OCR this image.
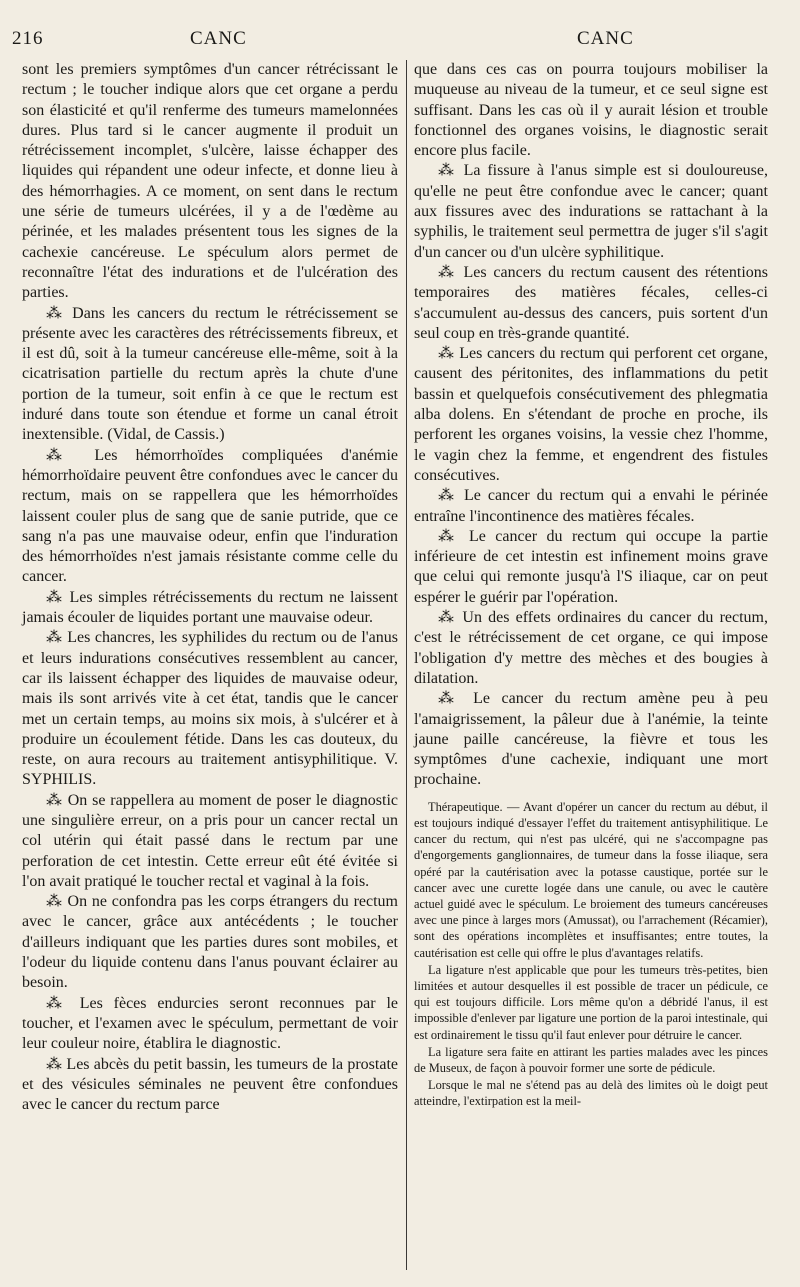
216	CANC	CANC

sont les premiers symptômes d'un cancer rétrécissant le rectum ; le toucher indique alors que cet organe a perdu son élasticité et qu'il renferme des tumeurs mamelonnées dures. Plus tard si le cancer augmente il produit un rétrécissement incomplet, s'ulcère, laisse échapper des liquides qui répandent une odeur infecte, et donne lieu à des hémorrhagies. A ce moment, on sent dans le rectum une série de tumeurs ulcérées, il y a de l'œdème au périnée, et les malades présentent tous les signes de la cachexie cancéreuse. Le spéculum alors permet de reconnaître l'état des indurations et de l'ulcération des parties.

⁂ Dans les cancers du rectum le rétrécissement se présente avec les caractères des rétrécissements fibreux, et il est dû, soit à la tumeur cancéreuse elle-même, soit à la cicatrisation partielle du rectum après la chute d'une portion de la tumeur, soit enfin à ce que le rectum est induré dans toute son étendue et forme un canal étroit inextensible. (Vidal, de Cassis.)

⁂ Les hémorrhoïdes compliquées d'anémie hémorrhoïdaire peuvent être confondues avec le cancer du rectum, mais on se rappellera que les hémorrhoïdes laissent couler plus de sang que de sanie putride, que ce sang n'a pas une mauvaise odeur, enfin que l'induration des hémorrhoïdes n'est jamais résistante comme celle du cancer.

⁂ Les simples rétrécissements du rectum ne laissent jamais écouler de liquides portant une mauvaise odeur.

⁂ Les chancres, les syphilides du rectum ou de l'anus et leurs indurations consécutives ressemblent au cancer, car ils laissent échapper des liquides de mauvaise odeur, mais ils sont arrivés vite à cet état, tandis que le cancer met un certain temps, au moins six mois, à s'ulcérer et à produire un écoulement fétide. Dans les cas douteux, du reste, on aura recours au traitement antisyphilitique. V. SYPHILIS.

⁂ On se rappellera au moment de poser le diagnostic une singulière erreur, on a pris pour un cancer rectal un col utérin qui était passé dans le rectum par une perforation de cet intestin. Cette erreur eût été évitée si l'on avait pratiqué le toucher rectal et vaginal à la fois.

⁂ On ne confondra pas les corps étrangers du rectum avec le cancer, grâce aux antécédents ; le toucher d'ailleurs indiquant que les parties dures sont mobiles, et l'odeur du liquide contenu dans l'anus pouvant éclairer au besoin.

⁂ Les fèces endurcies seront reconnues par le toucher, et l'examen avec le spéculum, permettant de voir leur couleur noire, établira le diagnostic.

⁂ Les abcès du petit bassin, les tumeurs de la prostate et des vésicules séminales ne peuvent être confondues avec le cancer du rectum parce

que dans ces cas on pourra toujours mobiliser la muqueuse au niveau de la tumeur, et ce seul signe est suffisant. Dans les cas où il y aurait lésion et trouble fonctionnel des organes voisins, le diagnostic serait encore plus facile.

⁂ La fissure à l'anus simple est si douloureuse, qu'elle ne peut être confondue avec le cancer; quant aux fissures avec des indurations se rattachant à la syphilis, le traitement seul permettra de juger s'il s'agit d'un cancer ou d'un ulcère syphilitique.

⁂ Les cancers du rectum causent des rétentions temporaires des matières fécales, celles-ci s'accumulent au-dessus des cancers, puis sortent d'un seul coup en très-grande quantité.

⁂ Les cancers du rectum qui perforent cet organe, causent des péritonites, des inflammations du petit bassin et quelquefois consécutivement des phlegmatia alba dolens. En s'étendant de proche en proche, ils perforent les organes voisins, la vessie chez l'homme, le vagin chez la femme, et engendrent des fistules consécutives.

⁂ Le cancer du rectum qui a envahi le périnée entraîne l'incontinence des matières fécales.

⁂ Le cancer du rectum qui occupe la partie inférieure de cet intestin est infinement moins grave que celui qui remonte jusqu'à l'S iliaque, car on peut espérer le guérir par l'opération.

⁂ Un des effets ordinaires du cancer du rectum, c'est le rétrécissement de cet organe, ce qui impose l'obligation d'y mettre des mèches et des bougies à dilatation.

⁂ Le cancer du rectum amène peu à peu l'amaigrissement, la pâleur due à l'anémie, la teinte jaune paille cancéreuse, la fièvre et tous les symptômes d'une cachexie, indiquant une mort prochaine.

Thérapeutique. — Avant d'opérer un cancer du rectum au début, il est toujours indiqué d'essayer l'effet du traitement antisyphilitique. Le cancer du rectum, qui n'est pas ulcéré, qui ne s'accompagne pas d'engorgements ganglionnaires, de tumeur dans la fosse iliaque, sera opéré par la cautérisation avec la potasse caustique, portée sur le cancer avec une curette logée dans une canule, ou avec le cautère actuel guidé avec le spéculum. Le broiement des tumeurs cancéreuses avec une pince à larges mors (Amussat), ou l'arrachement (Récamier), sont des opérations incomplètes et insuffisantes; entre toutes, la cautérisation est celle qui offre le plus d'avantages relatifs.

La ligature n'est applicable que pour les tumeurs très-petites, bien limitées et autour desquelles il est possible de tracer un pédicule, ce qui est toujours difficile. Lors même qu'on a débridé l'anus, il est impossible d'enlever par ligature une portion de la paroi intestinale, qui est ordinairement le tissu qu'il faut enlever pour détruire le cancer.

La ligature sera faite en attirant les parties malades avec les pinces de Museux, de façon à pouvoir former une sorte de pédicule.

Lorsque le mal ne s'étend pas au delà des limites où le doigt peut atteindre, l'extirpation est la meil-
